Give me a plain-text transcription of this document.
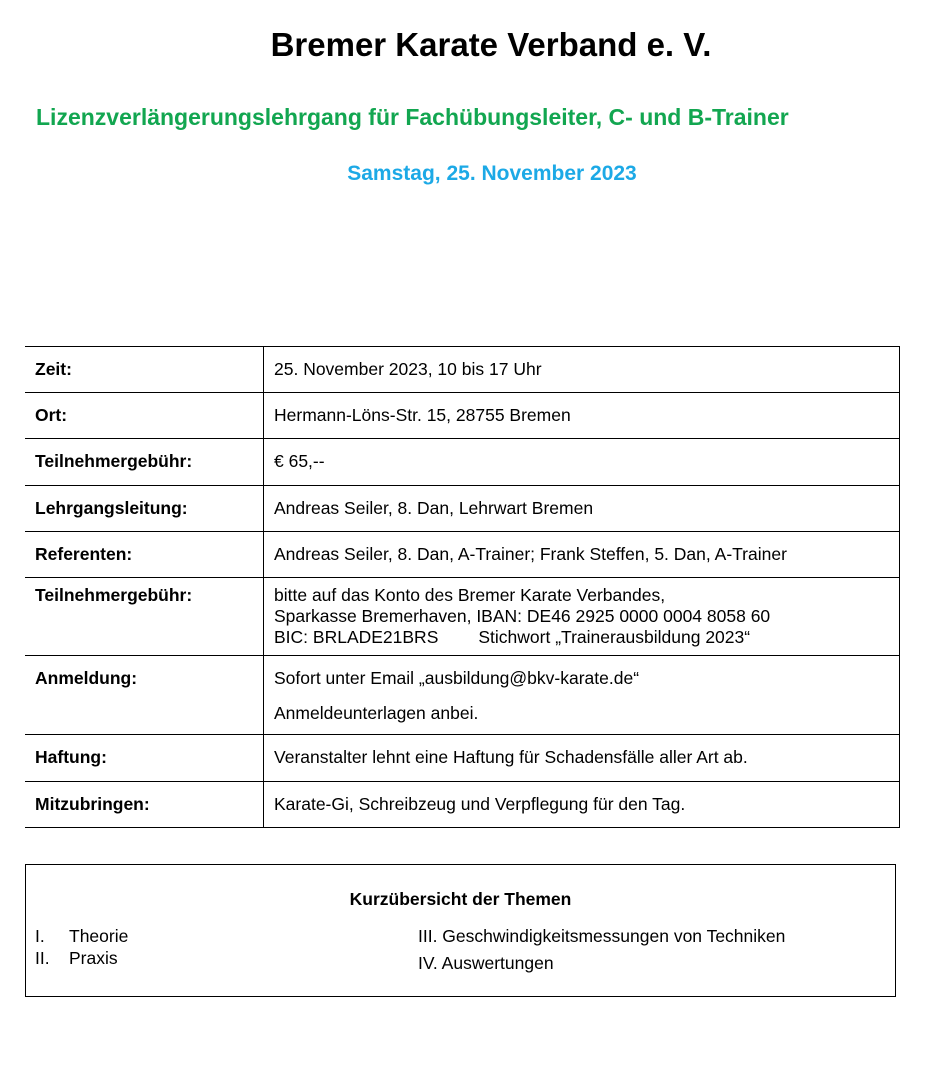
Bremer Karate Verband e. V.
Lizenzverlängerungslehrgang für Fachübungsleiter, C- und B-Trainer
Samstag, 25. November 2023
Zeit:	25. November 2023, 10 bis 17 Uhr
Ort:	Hermann-Löns-Str. 15, 28755 Bremen
Teilnehmergebühr:	€ 65,--
Lehrgangsleitung:	Andreas Seiler, 8. Dan, Lehrwart Bremen
Referenten:	Andreas Seiler, 8. Dan, A-Trainer; Frank Steffen, 5. Dan, A-Trainer
Teilnehmergebühr:	bitte auf das Konto des Bremer Karate Verbandes,
Sparkasse Bremerhaven, IBAN: DE46 2925 0000 0004 8058 60
BIC: BRLADE21BRS Stichwort „Trainerausbildung 2023“

Anmeldung:	Sofort unter Email „ausbildung@bkv-karate.de“
Anmeldeunterlagen anbei.

Haftung:	Veranstalter lehnt eine Haftung für Schadensfälle aller Art ab.
Mitzubringen:	Karate-Gi, Schreibzeug und Verpflegung für den Tag.
Kurzübersicht der Themen
I. Theorie
II. Praxis
III. Geschwindigkeitsmessungen von Techniken
IV. Auswertungen
